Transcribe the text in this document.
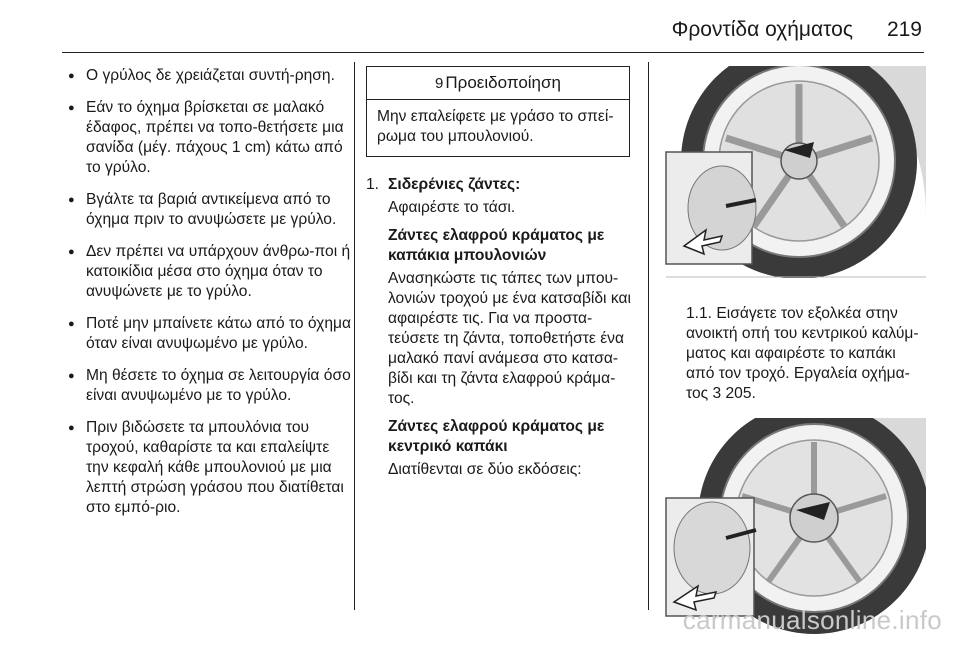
Φροντίδα οχήματος 219
● Ο γρύλος δε χρειάζεται συντή-ρηση.
● Εάν το όχημα βρίσκεται σε μαλακό έδαφος, πρέπει να τοπο-θετήσετε μια σανίδα (μέγ. πάχους 1 cm) κάτω από το γρύλο.
● Βγάλτε τα βαριά αντικείμενα από το όχημα πριν το ανυψώσετε με γρύλο.
● Δεν πρέπει να υπάρχουν άνθρω-ποι ή κατοικίδια μέσα στο όχημα όταν το ανυψώνετε με το γρύλο.
● Ποτέ μην μπαίνετε κάτω από το όχημα όταν είναι ανυψωμένο με γρύλο.
● Μη θέσετε το όχημα σε λειτουργία όσο είναι ανυψωμένο με το γρύλο.
● Πριν βιδώσετε τα μπουλόνια του τροχού, καθαρίστε τα και επαλείψτε την κεφαλή κάθε μπουλονιού με μια λεπτή στρώση γράσου που διατίθεται στο εμπό-ριο.
9 Προειδοποίηση
Μην επαλείφετε με γράσο το σπεί-ρωμα του μπουλονιού.
1. Σιδερένιες ζάντες:
Αφαιρέστε το τάσι.
Ζάντες ελαφρού κράματος με καπάκια μπουλονιών
Ανασηκώστε τις τάπες των μπου-λονιών τροχού με ένα κατσαβίδι και αφαιρέστε τις. Για να προστα-τεύσετε τη ζάντα, τοποθετήστε ένα μαλακό πανί ανάμεσα στο κατσα-βίδι και τη ζάντα ελαφρού κράμα-τος.
Ζάντες ελαφρού κράματος με κεντρικό καπάκι
Διατίθενται σε δύο εκδόσεις:
1.1. Εισάγετε τον εξολκέα στην ανοικτή οπή του κεντρικού καλύμ-ματος και αφαιρέστε το καπάκι από τον τροχό. Εργαλεία οχήμα-τος 3 205.
carmanualsonline.info
